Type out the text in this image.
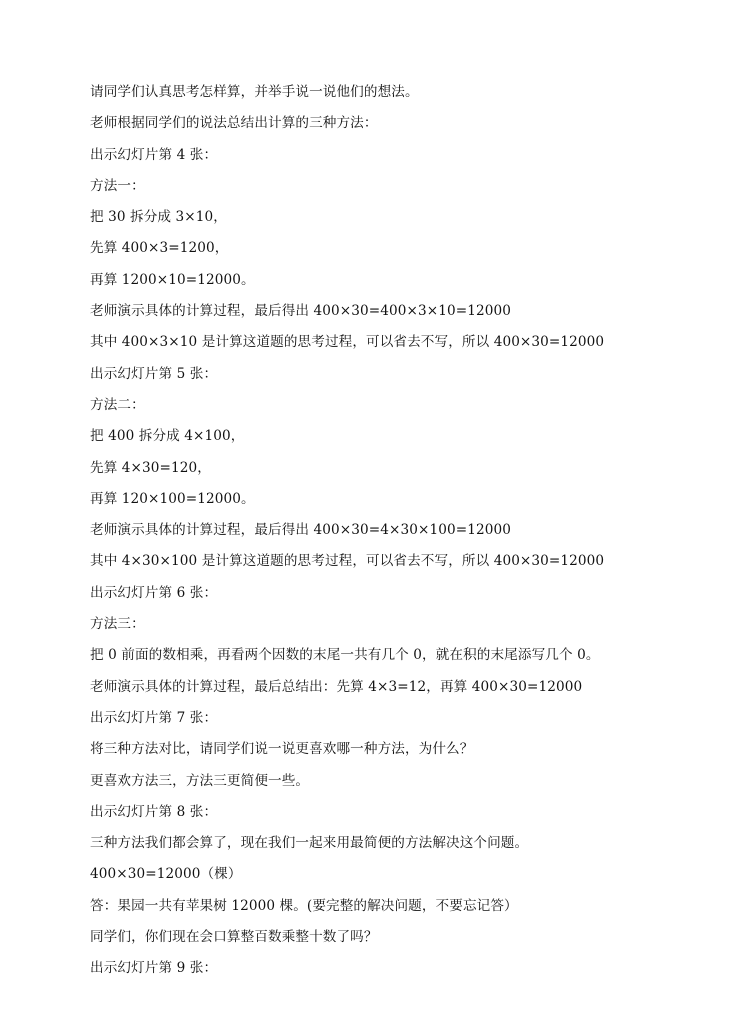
请同学们认真思考怎样算，并举手说一说他们的想法。
老师根据同学们的说法总结出计算的三种方法：
出示幻灯片第 4 张：
方法一：
把 30 拆分成 3×10，
先算 400×3=1200，
再算 1200×10=12000。
老师演示具体的计算过程，最后得出 400×30=400×3×10=12000
其中 400×3×10 是计算这道题的思考过程，可以省去不写，所以 400×30=12000
出示幻灯片第 5 张：
方法二：
把 400 拆分成 4×100，
先算 4×30=120，
再算 120×100=12000。
老师演示具体的计算过程，最后得出 400×30=4×30×100=12000
其中 4×30×100 是计算这道题的思考过程，可以省去不写，所以 400×30=12000
出示幻灯片第 6 张：
方法三：
把 0 前面的数相乘，再看两个因数的末尾一共有几个 0，就在积的末尾添写几个 0。
老师演示具体的计算过程，最后总结出：先算 4×3=12，再算 400×30=12000
出示幻灯片第 7 张：
将三种方法对比，请同学们说一说更喜欢哪一种方法，为什么？
更喜欢方法三，方法三更简便一些。
出示幻灯片第 8 张：
三种方法我们都会算了，现在我们一起来用最简便的方法解决这个问题。
400×30=12000（棵）
答：果园一共有苹果树 12000 棵。(要完整的解决问题，不要忘记答）
同学们，你们现在会口算整百数乘整十数了吗？
出示幻灯片第 9 张：
